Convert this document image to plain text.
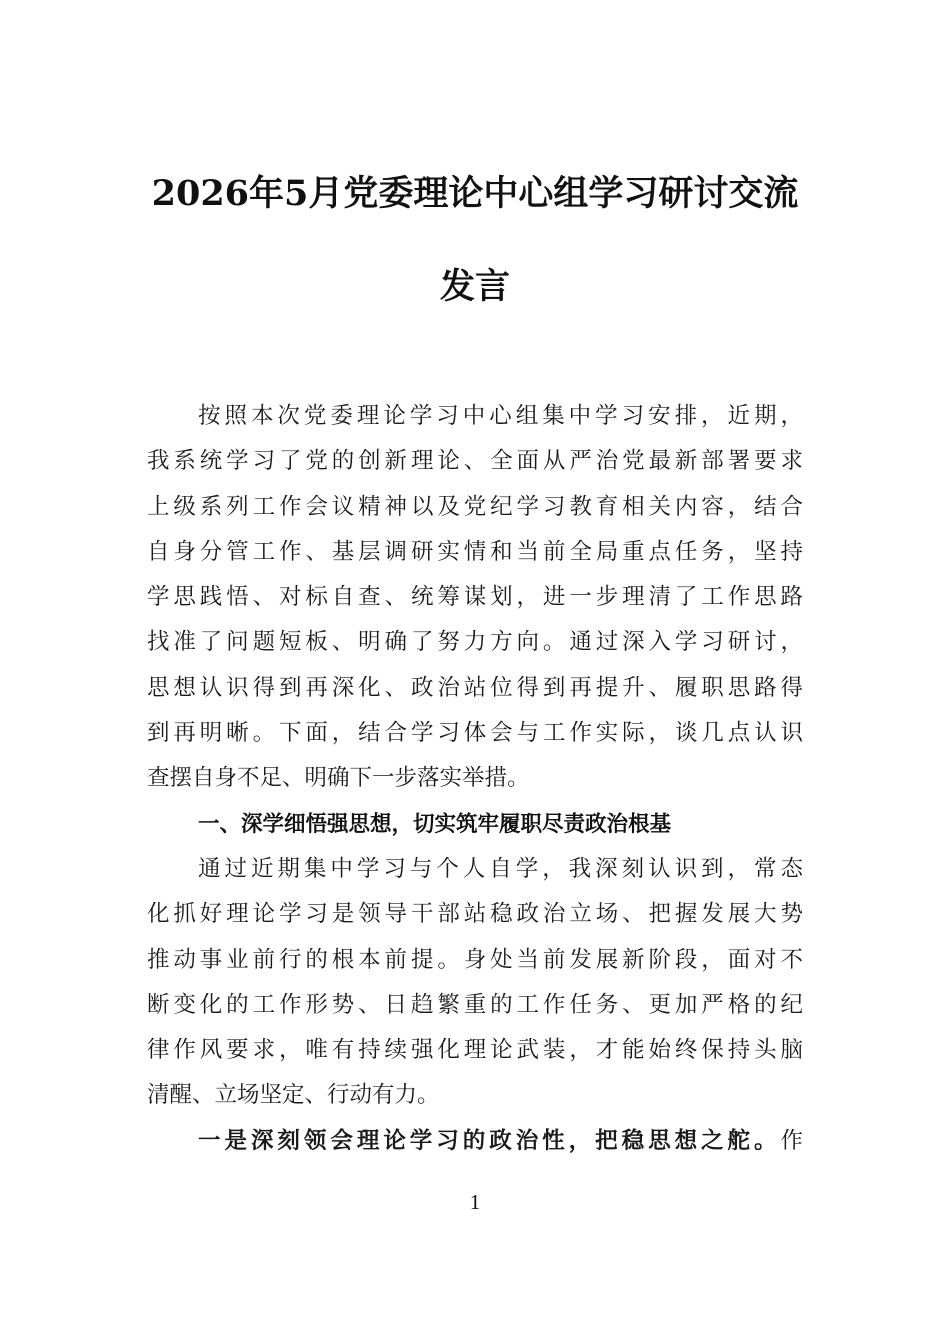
2026年5月党委理论中心组学习研讨交流
发言
按照本次党委理论学习中心组集中学习安排，近期，
我系统学习了党的创新理论、全面从严治党最新部署要求
上级系列工作会议精神以及党纪学习教育相关内容，结合
自身分管工作、基层调研实情和当前全局重点任务，坚持
学思践悟、对标自查、统筹谋划，进一步理清了工作思路
找准了问题短板、明确了努力方向。通过深入学习研讨，
思想认识得到再深化、政治站位得到再提升、履职思路得
到再明晰。下面，结合学习体会与工作实际，谈几点认识
查摆自身不足、明确下一步落实举措。
一、深学细悟强思想，切实筑牢履职尽责政治根基
通过近期集中学习与个人自学，我深刻认识到，常态
化抓好理论学习是领导干部站稳政治立场、把握发展大势
推动事业前行的根本前提。身处当前发展新阶段，面对不
断变化的工作形势、日趋繁重的工作任务、更加严格的纪
律作风要求，唯有持续强化理论武装，才能始终保持头脑
清醒、立场坚定、行动有力。
一是深刻领会理论学习的政治性，把稳思想之舵。作
1
